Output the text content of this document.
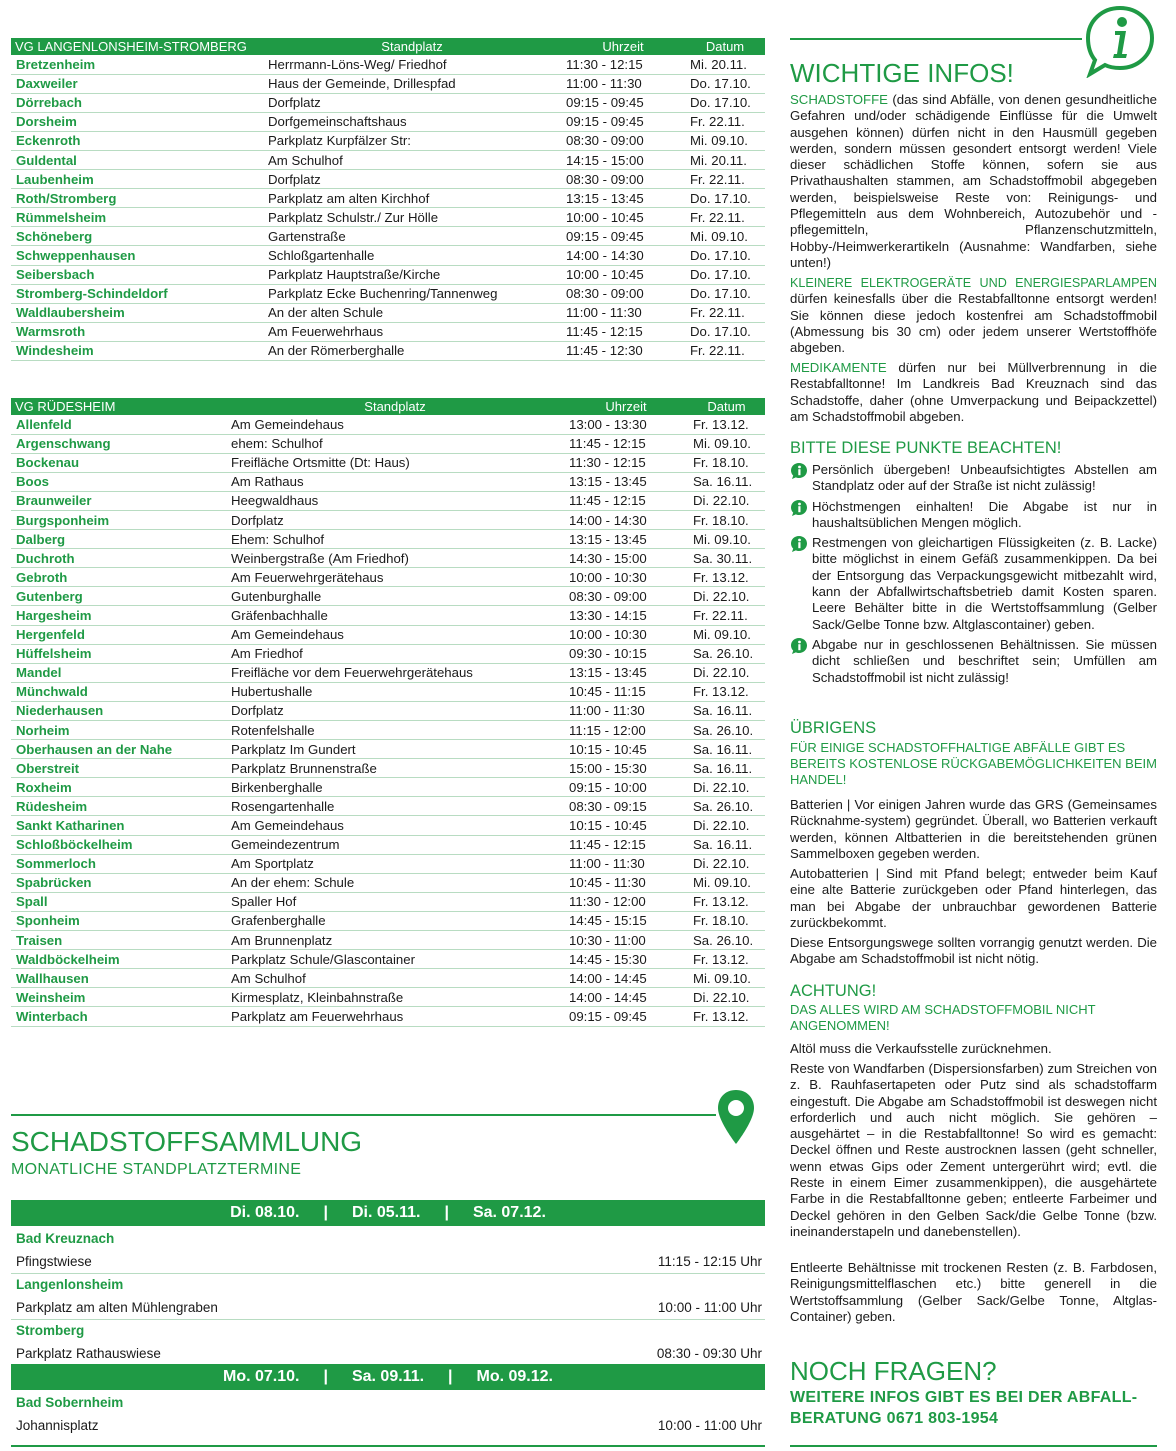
VG LANGENLONSHEIM-STROMBERG	Standplatz	Uhrzeit	Datum
Bretzenheim	Herrmann-Löns-Weg/ Friedhof	11:30 - 12:15	Mi. 20.11.
Daxweiler	Haus der Gemeinde, Drillespfad	11:00 - 11:30	Do. 17.10.
Dörrebach	Dorfplatz	09:15 - 09:45	Do. 17.10.
Dorsheim	Dorfgemeinschaftshaus	09:15 - 09:45	Fr. 22.11.
Eckenroth	Parkplatz Kurpfälzer Str:	08:30 - 09:00	Mi. 09.10.
Guldental	Am Schulhof	14:15 - 15:00	Mi. 20.11.
Laubenheim	Dorfplatz	08:30 - 09:00	Fr. 22.11.
Roth/Stromberg	Parkplatz am alten Kirchhof	13:15 - 13:45	Do. 17.10.
Rümmelsheim	Parkplatz Schulstr./ Zur Hölle	10:00 - 10:45	Fr. 22.11.
Schöneberg	Gartenstraße	09:15 - 09:45	Mi. 09.10.
Schweppenhausen	Schloßgartenhalle	14:00 - 14:30	Do. 17.10.
Seibersbach	Parkplatz Hauptstraße/Kirche	10:00 - 10:45	Do. 17.10.
Stromberg-Schindeldorf	Parkplatz Ecke Buchenring/Tannenweg	08:30 - 09:00	Do. 17.10.
Waldlaubersheim	An der alten Schule	11:00 - 11:30	Fr. 22.11.
Warmsroth	Am Feuerwehrhaus	11:45 - 12:15	Do. 17.10.
Windesheim	An der Römerberghalle	11:45 - 12:30	Fr. 22.11.
VG RÜDESHEIM	Standplatz	Uhrzeit	Datum
Allenfeld	Am Gemeindehaus	13:00 - 13:30	Fr. 13.12.
Argenschwang	ehem: Schulhof	11:45 - 12:15	Mi. 09.10.
Bockenau	Freifläche Ortsmitte (Dt: Haus)	11:30 - 12:15	Fr. 18.10.
Boos	Am Rathaus	13:15 - 13:45	Sa. 16.11.
Braunweiler	Heegwaldhaus	11:45 - 12:15	Di. 22.10.
Burgsponheim	Dorfplatz	14:00 - 14:30	Fr. 18.10.
Dalberg	Ehem: Schulhof	13:15 - 13:45	Mi. 09.10.
Duchroth	Weinbergstraße (Am Friedhof)	14:30 - 15:00	Sa. 30.11.
Gebroth	Am Feuerwehrgerätehaus	10:00 - 10:30	Fr. 13.12.
Gutenberg	Gutenburghalle	08:30 - 09:00	Di. 22.10.
Hargesheim	Gräfenbachhalle	13:30 - 14:15	Fr. 22.11.
Hergenfeld	Am Gemeindehaus	10:00 - 10:30	Mi. 09.10.
Hüffelsheim	Am Friedhof	09:30 - 10:15	Sa. 26.10.
Mandel	Freifläche vor dem Feuerwehrgerätehaus	13:15 - 13:45	Di. 22.10.
Münchwald	Hubertushalle	10:45 - 11:15	Fr. 13.12.
Niederhausen	Dorfplatz	11:00 - 11:30	Sa. 16.11.
Norheim	Rotenfelshalle	11:15 - 12:00	Sa. 26.10.
Oberhausen an der Nahe	Parkplatz Im Gundert	10:15 - 10:45	Sa. 16.11.
Oberstreit	Parkplatz Brunnenstraße	15:00 - 15:30	Sa. 16.11.
Roxheim	Birkenberghalle	09:15 - 10:00	Di. 22.10.
Rüdesheim	Rosengartenhalle	08:30 - 09:15	Sa. 26.10.
Sankt Katharinen	Am Gemeindehaus	10:15 - 10:45	Di. 22.10.
Schloßböckelheim	Gemeindezentrum	11:45 - 12:15	Sa. 16.11.
Sommerloch	Am Sportplatz	11:00 - 11:30	Di. 22.10.
Spabrücken	An der ehem: Schule	10:45 - 11:30	Mi. 09.10.
Spall	Spaller Hof	11:30 - 12:00	Fr. 13.12.
Sponheim	Grafenberghalle	14:45 - 15:15	Fr. 18.10.
Traisen	Am Brunnenplatz	10:30 - 11:00	Sa. 26.10.
Waldböckelheim	Parkplatz Schule/Glascontainer	14:45 - 15:30	Fr. 13.12.
Wallhausen	Am Schulhof	14:00 - 14:45	Mi. 09.10.
Weinsheim	Kirmesplatz, Kleinbahnstraße	14:00 - 14:45	Di. 22.10.
Winterbach	Parkplatz am Feuerwehrhaus	09:15 - 09:45	Fr. 13.12.
SCHADSTOFFSAMMLUNG
MONATLICHE STANDPLATZTERMINE
Di. 08.10.	|	Di. 05.11.	|	Sa. 07.12.
Bad Kreuznach
Pfingstwiese	11:15 - 12:15 Uhr
Langenlonsheim
Parkplatz am alten Mühlengraben	10:00 - 11:00 Uhr
Stromberg
Parkplatz Rathauswiese	08:30 - 09:30 Uhr
Mo. 07.10.	|	Sa. 09.11.	|	Mo. 09.12.
Bad Sobernheim
Johannisplatz	10:00 - 11:00 Uhr
WICHTIGE INFOS!
SCHADSTOFFE (das sind Abfälle, von denen gesundheitliche Gefahren und/oder schädigende Einflüsse für die Umwelt ausgehen können) dürfen nicht in den Hausmüll gegeben werden, sondern müssen gesondert entsorgt werden! Viele dieser schädlichen Stoffe können, sofern sie aus Privathaushalten stammen, am Schadstoffmobil abgegeben werden, beispielsweise Reste von: Reinigungs- und Pflegemitteln aus dem Wohnbereich, Autozubehör und -pflegemitteln, Pflanzenschutzmitteln, Hobby-/Heimwerkerartikeln (Ausnahme: Wandfarben, siehe unten!)
KLEINERE ELEKTROGERÄTE UND ENERGIESPARLAMPEN dürfen keinesfalls über die Restabfalltonne entsorgt werden! Sie können diese jedoch kostenfrei am Schadstoffmobil (Abmessung bis 30 cm) oder jedem unserer Wertstoffhöfe abgeben.
MEDIKAMENTE dürfen nur bei Müllverbrennung in die Restabfalltonne! Im Landkreis Bad Kreuznach sind das Schadstoffe, daher (ohne Umverpackung und Beipackzettel) am Schadstoffmobil abgeben.
BITTE DIESE PUNKTE BEACHTEN!
Persönlich übergeben! Unbeaufsichtigtes Abstellen am Standplatz oder auf der Straße ist nicht zulässig!
Höchstmengen einhalten! Die Abgabe ist nur in haushaltsüblichen Mengen möglich.
Restmengen von gleichartigen Flüssigkeiten (z. B. Lacke) bitte möglichst in einem Gefäß zusammenkippen. Da bei der Entsorgung das Verpackungsgewicht mitbezahlt wird, kann der Abfallwirtschaftsbetrieb damit Kosten sparen. Leere Behälter bitte in die Wertstoffsammlung (Gelber Sack/Gelbe Tonne bzw. Altglascontainer) geben.
Abgabe nur in geschlossenen Behältnissen. Sie müssen dicht schließen und beschriftet sein; Umfüllen am Schadstoffmobil ist nicht zulässig!
ÜBRIGENS
FÜR EINIGE SCHADSTOFFHALTIGE ABFÄLLE GIBT ES BEREITS KOSTENLOSE RÜCKGABEMÖGLICHKEITEN BEIM HANDEL!
Batterien | Vor einigen Jahren wurde das GRS (Gemeinsames Rücknahme-system) gegründet. Überall, wo Batterien verkauft werden, können Altbatterien in die bereitstehenden grünen Sammelboxen gegeben werden.
Autobatterien | Sind mit Pfand belegt; entweder beim Kauf eine alte Batterie zurückgeben oder Pfand hinterlegen, das man bei Abgabe der unbrauchbar gewordenen Batterie zurückbekommt.
Diese Entsorgungswege sollten vorrangig genutzt werden. Die Abgabe am Schadstoffmobil ist nicht nötig.
ACHTUNG!
DAS ALLES WIRD AM SCHADSTOFFMOBIL NICHT ANGENOMMEN!
Altöl muss die Verkaufsstelle zurücknehmen.
Reste von Wandfarben (Dispersionsfarben) zum Streichen von z. B. Rauhfasertapeten oder Putz sind als schadstoffarm eingestuft. Die Abgabe am Schadstoffmobil ist deswegen nicht erforderlich und auch nicht möglich. Sie gehören – ausgehärtet – in die Restabfalltonne! So wird es gemacht: Deckel öffnen und Reste austrocknen lassen (geht schneller, wenn etwas Gips oder Zement untergerührt wird; evtl. die Reste in einem Eimer zusammenkippen), die ausgehärtete Farbe in die Restabfalltonne geben; entleerte Farbeimer und Deckel gehören in den Gelben Sack/die Gelbe Tonne (bzw. ineinanderstapeln und danebenstellen).
Entleerte Behältnisse mit trockenen Resten (z. B. Farbdosen, Reinigungsmittelflaschen etc.) bitte generell in die Wertstoffsammlung (Gelber Sack/Gelbe Tonne, Altglas-Container) geben.
NOCH FRAGEN?
WEITERE INFOS GIBT ES BEI DER ABFALL-
BERATUNG 0671 803-1954
